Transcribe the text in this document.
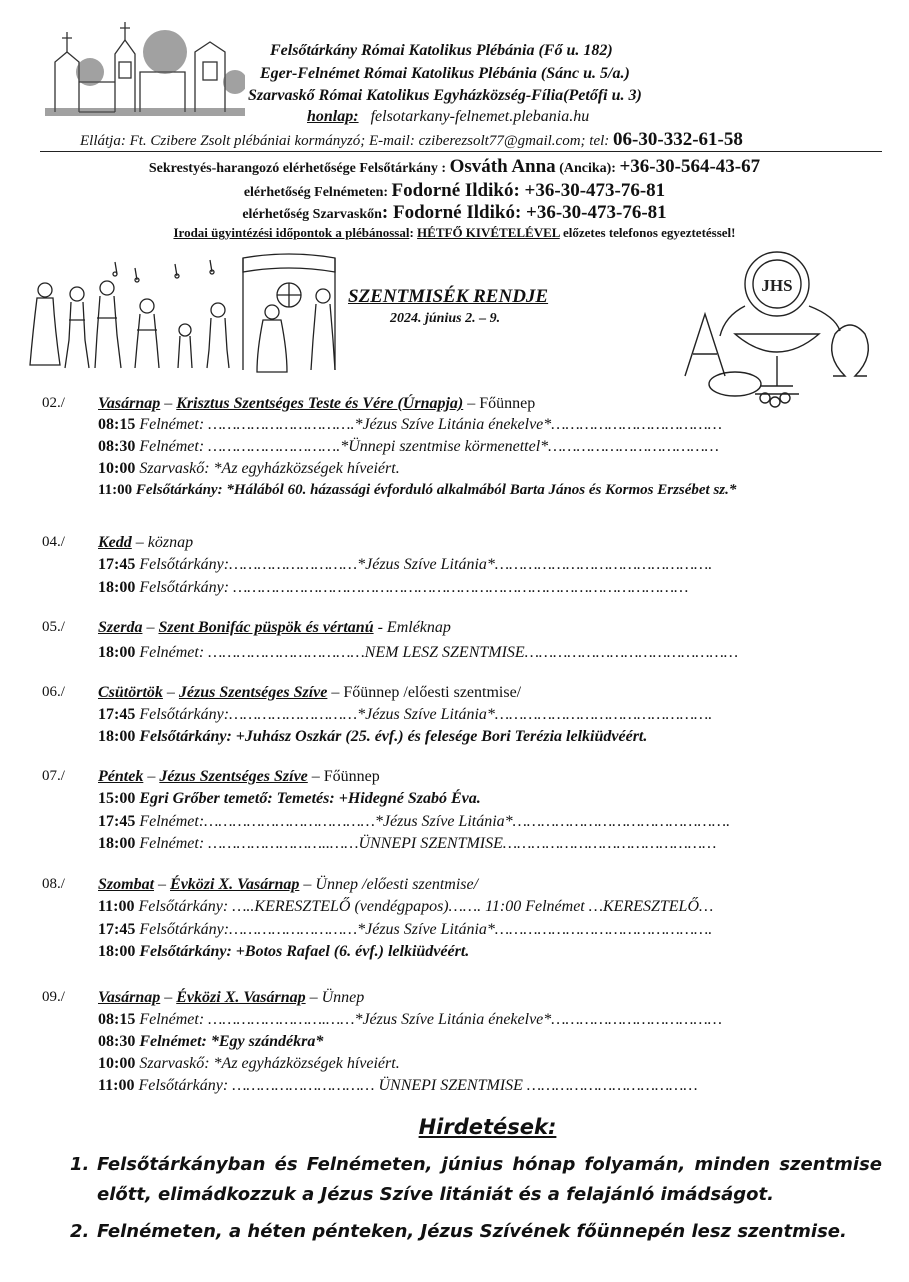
Felsőtárkány Római Katolikus Plébánia (Fő u. 182)
Eger-Felnémet Római Katolikus Plébánia (Sánc u. 5/a.)
Szarvaskő Római Katolikus Egyházközség-Fília(Petőfi u. 3)
honlap: felsotarkany-felnemet.plebania.hu
Ellátja: Ft. Czibere Zsolt plébániai kormányzó; E-mail: cziberezsolt77@gmail.com; tel: 06-30-332-61-58
Sekrestyés-harangozó elérhetősége Felsőtárkány : Osváth Anna (Ancika): +36-30-564-43-67
elérhetőség Felnémeten: Fodorné Ildikó: +36-30-473-76-81
elérhetőség Szarvaskőn: Fodorné Ildikó: +36-30-473-76-81
Irodai ügyintézési időpontok a plébánossal: HÉTFŐ KIVÉTELÉVEL előzetes telefonos egyeztetéssel!
SZENTMISÉK RENDJE
2024. június 2. – 9.
JHS
02./ Vasárnap – Krisztus Szentséges Teste és Vére (Úrnapja) – Főünnep
08:15 Felnémet: ………………………….*Jézus Szíve Litánia énekelve*………………………………
08:30 Felnémet: ……………………….*Ünnepi szentmise körmenettel*………………………………
10:00 Szarvaskő: *Az egyházközségek híveiért.
11:00 Felsőtárkány: *Hálából 60. házassági évforduló alkalmából Barta János és Kormos Erzsébet sz.*
04./ Kedd – köznap
17:45 Felsőtárkány:………………………*Jézus Szíve Litánia*……………………………………….
18:00 Felsőtárkány: ……………………………………………………………………………………
05./ Szerda – Szent Bonifác püspök és vértanú - Emléknap
18:00 Felnémet: ……………………………NEM LESZ SZENTMISE………………………………………
06./ Csütörtök – Jézus Szentséges Szíve – Főünnep /előesti szentmise/
17:45 Felsőtárkány:………………………*Jézus Szíve Litánia*……………………………………….
18:00 Felsőtárkány: +Juhász Oszkár (25. évf.) és felesége Bori Terézia lelkiüdvéért.
07./ Péntek – Jézus Szentséges Szíve – Főünnep
15:00 Egri Grőber temető: Temetés: +Hidegné Szabó Éva.
17:45 Felnémet:………………………………*Jézus Szíve Litánia*……………………………………….
18:00 Felnémet: ……………………..……ÜNNEPI SZENTMISE………………………………………
08./ Szombat – Évközi X. Vasárnap – Ünnep /előesti szentmise/
11:00 Felsőtárkány: …..KERESZTELŐ (vendégpapos)……. 11:00 Felnémet …KERESZTELŐ…
17:45 Felsőtárkány:………………………*Jézus Szíve Litánia*……………………………………….
18:00 Felsőtárkány: +Botos Rafael (6. évf.) lelkiüdvéért.
09./ Vasárnap – Évközi X. Vasárnap – Ünnep
08:15 Felnémet: …………………….……*Jézus Szíve Litánia énekelve*………………………………
08:30 Felnémet: *Egy szándékra*
10:00 Szarvaskő: *Az egyházközségek híveiért.
11:00 Felsőtárkány: ………………………… ÜNNEPI SZENTMISE ………………………………
Hirdetések:
1. Felsőtárkányban és Felnémeten, június hónap folyamán, minden szentmise előtt, elimádkozzuk a Jézus Szíve litániát és a felajánló imádságot.
2. Felnémeten, a héten pénteken, Jézus Szívének főünnepén lesz szentmise.
